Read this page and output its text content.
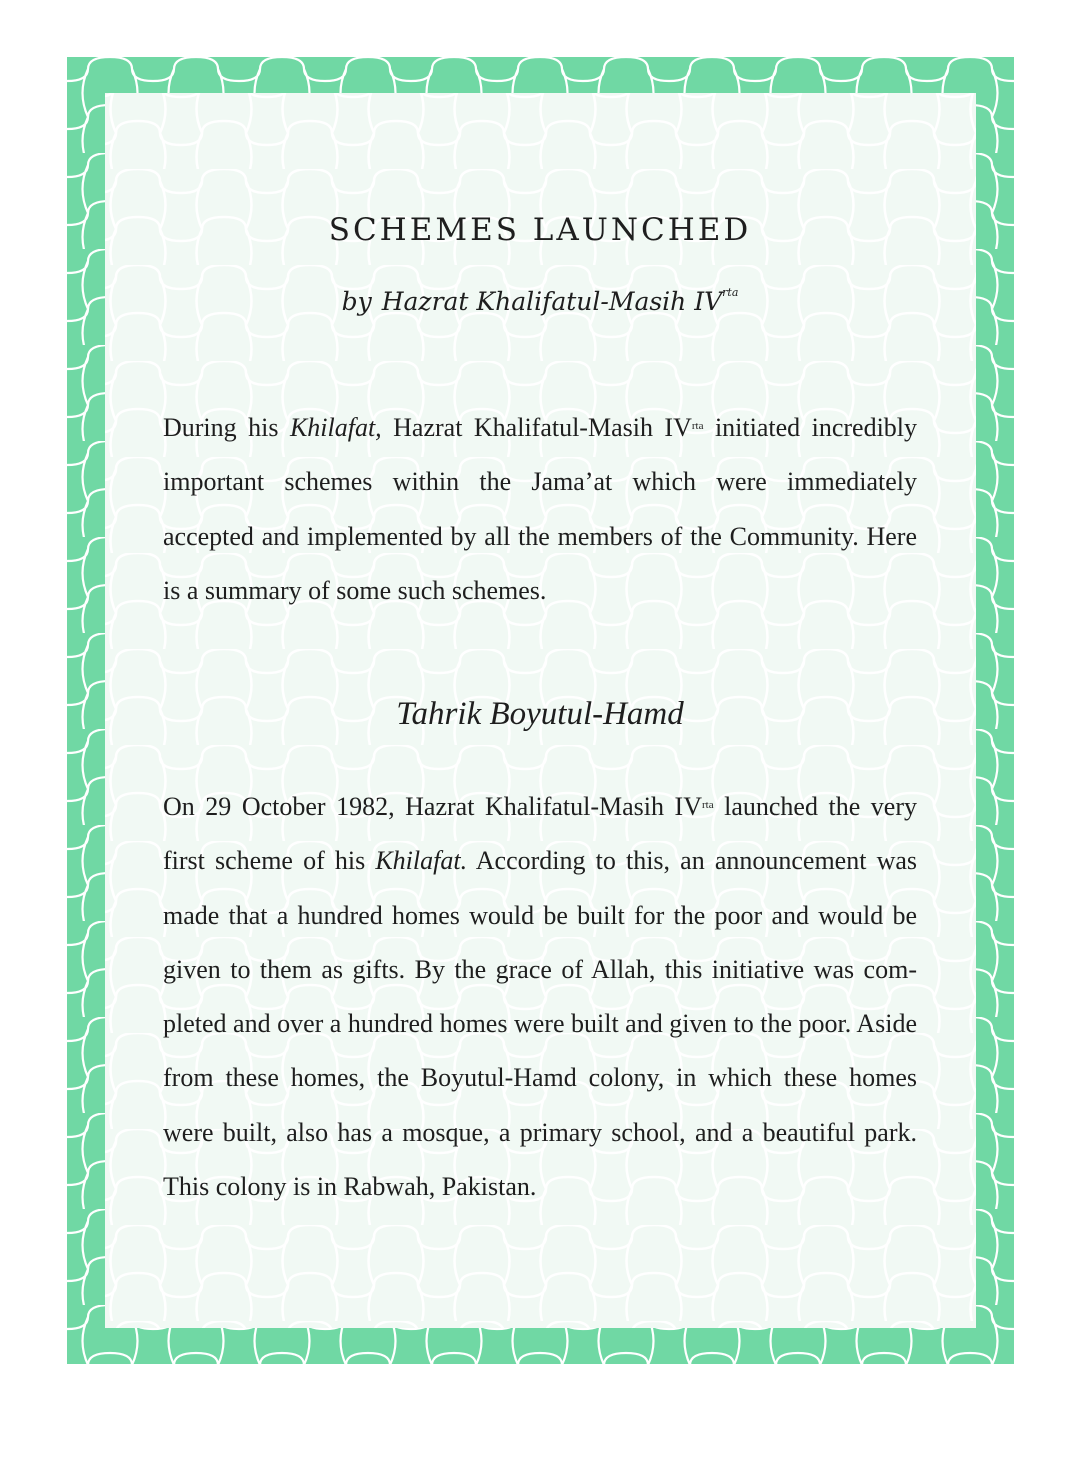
SCHEMES LAUNCHED

by Hazrat Khalifatul-Masih $IV^{rta}$

During his Khilafat, Hazrat Khalifatul-Masih $IV^{rta}$ initiated incredibly important schemes within the Jama’at which were immediately accepted and implemented by all the members of the Community. Here is a summary of some such schemes.

Tahrik Boyutul-Hamd

On 29 October 1982, Hazrat Khalifatul-Masih $IV^{rta}$ launched the very first scheme of his Khilafat. According to this, an announcement was made that a hundred homes would be built for the poor and would be given to them as gifts. By the grace of Allah, this initiative was completed and over a hundred homes were built and given to the poor. Aside from these homes, the Boyutul-Hamd colony, in which these homes were built, also has a mosque, a primary school, and a beautiful park. This colony is in Rabwah, Pakistan.
